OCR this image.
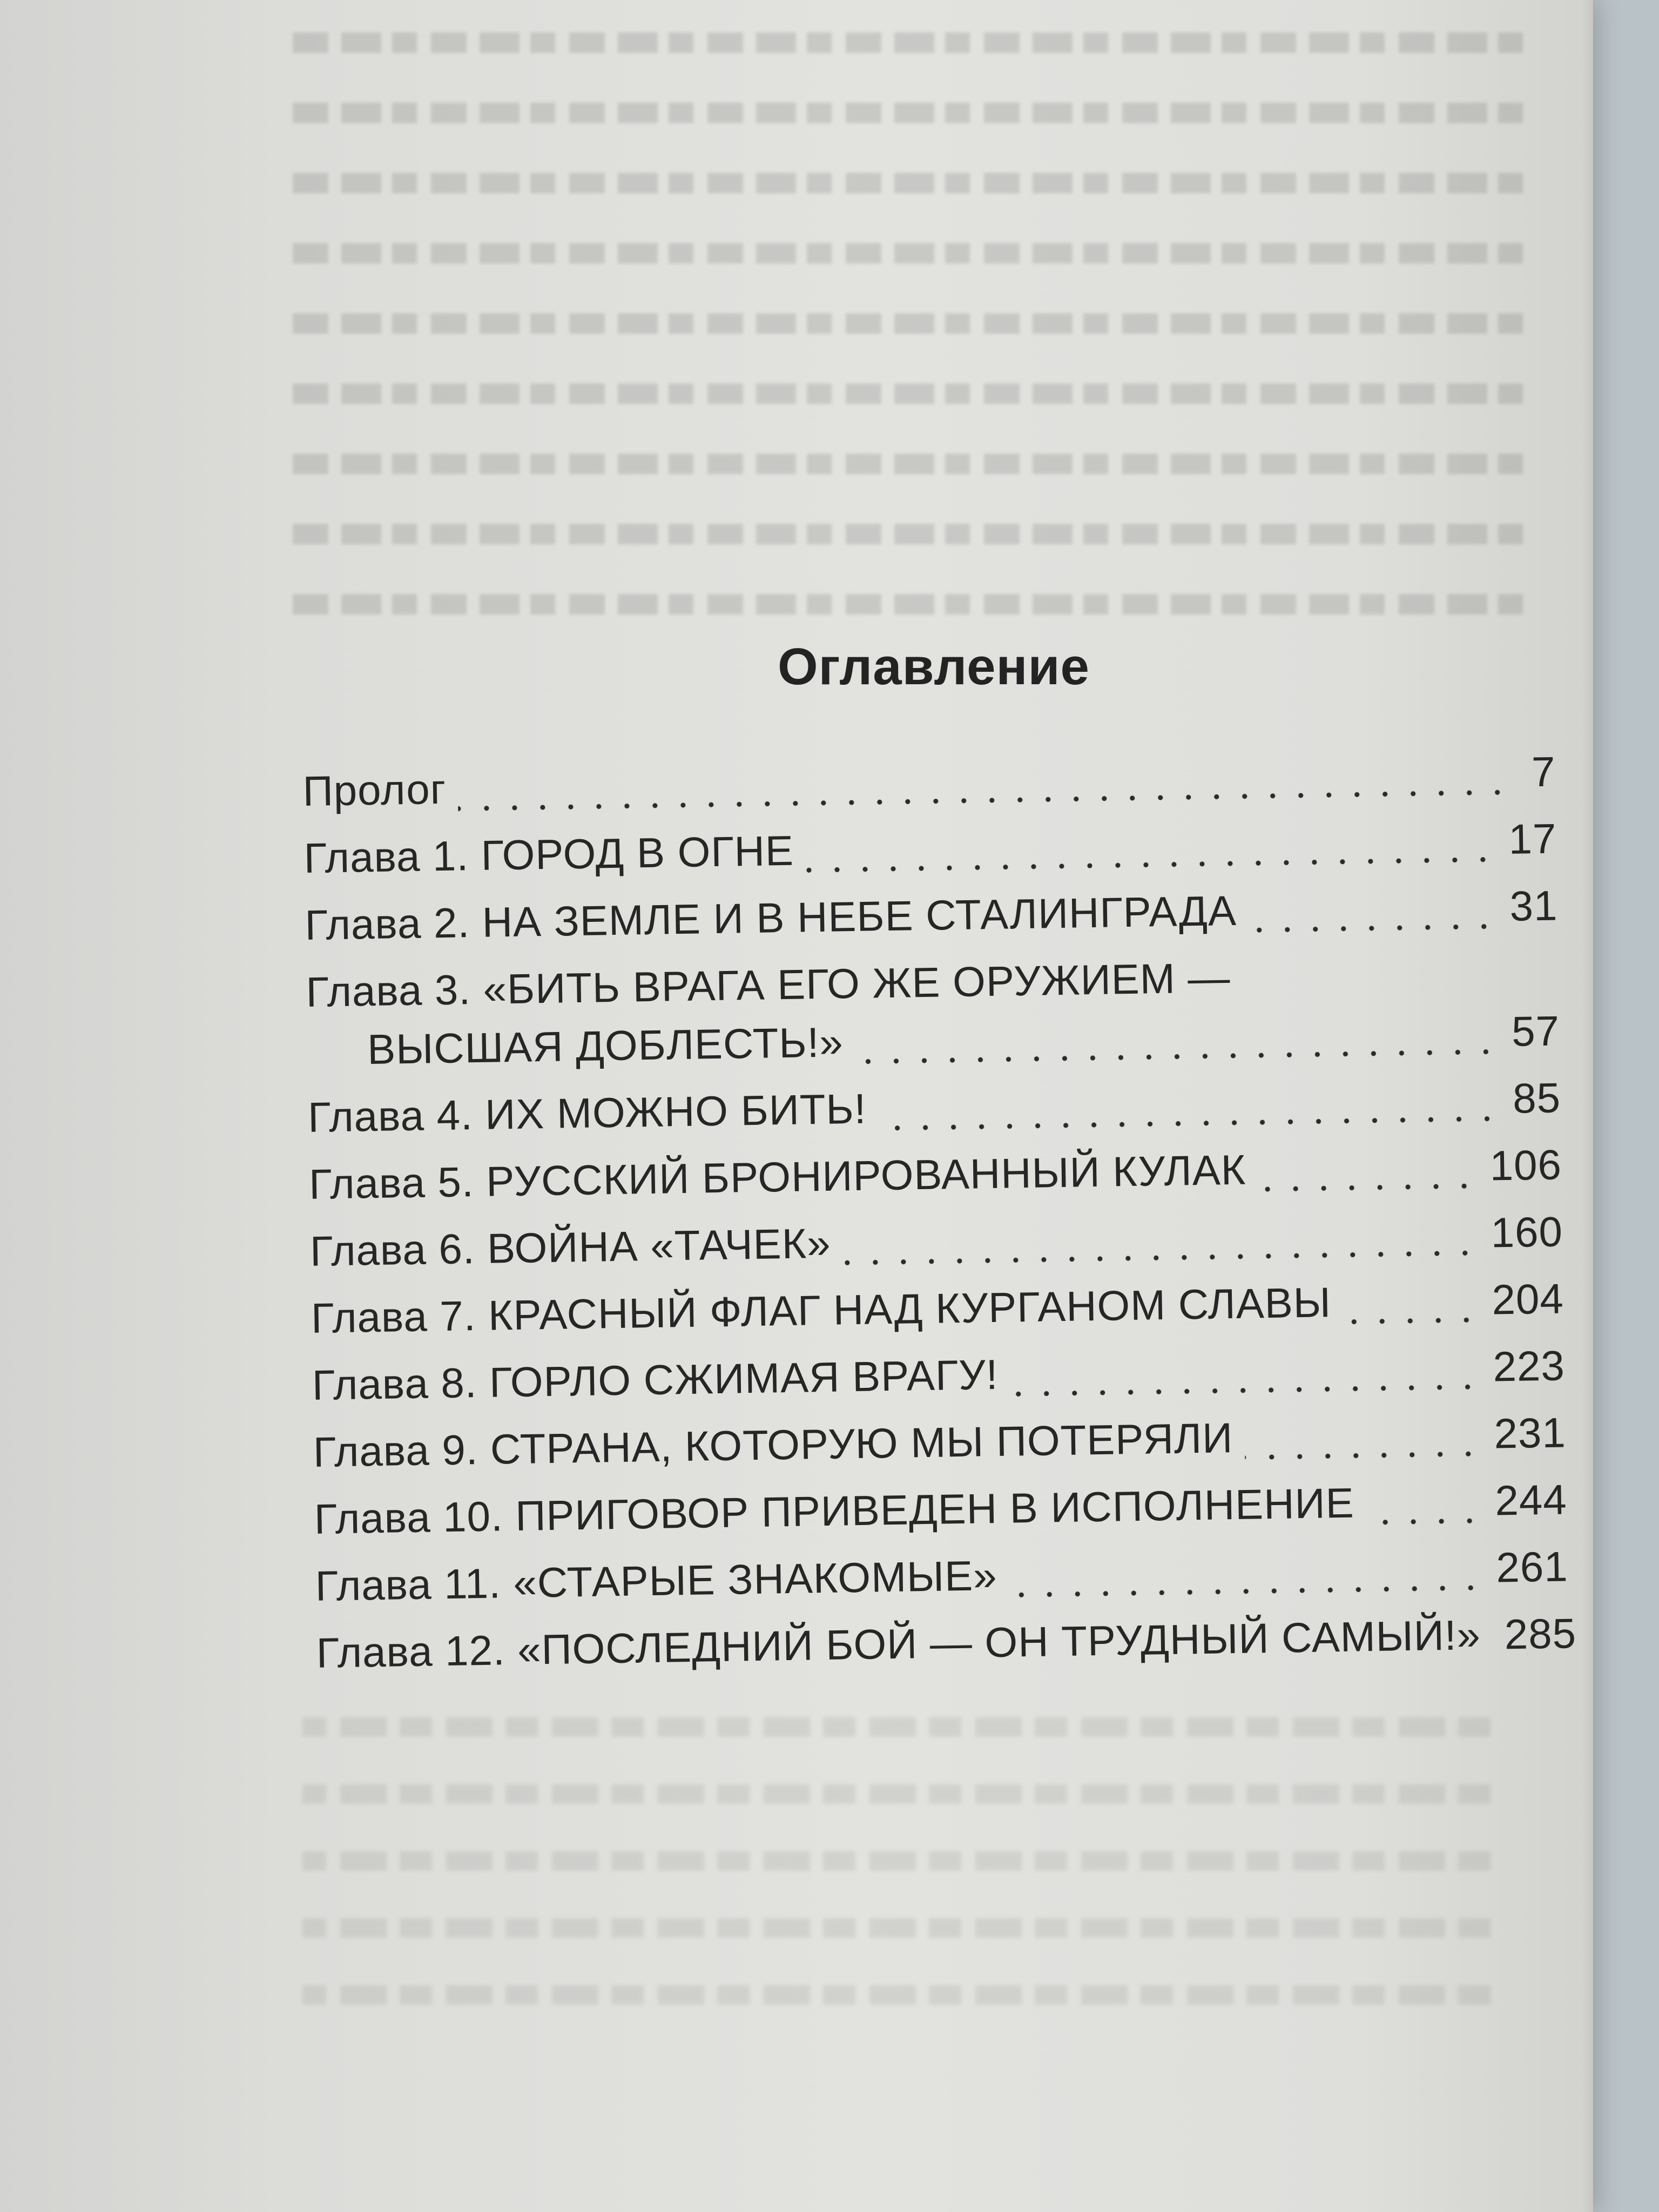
Оглавление
Пролог	7
Глава 1. ГОРОД В ОГНЕ	17
Глава 2. НА ЗЕМЛЕ И В НЕБЕ СТАЛИНГРАДА	31
Глава 3. «БИТЬ ВРАГА ЕГО ЖЕ ОРУЖИЕМ —
ВЫСШАЯ ДОБЛЕСТЬ!»	57
Глава 4. ИХ МОЖНО БИТЬ!	85
Глава 5. РУССКИЙ БРОНИРОВАННЫЙ КУЛАК	106
Глава 6. ВОЙНА «ТАЧЕК»	160
Глава 7. КРАСНЫЙ ФЛАГ НАД КУРГАНОМ СЛАВЫ	204
Глава 8. ГОРЛО СЖИМАЯ ВРАГУ!	223
Глава 9. СТРАНА, КОТОРУЮ МЫ ПОТЕРЯЛИ	231
Глава 10. ПРИГОВОР ПРИВЕДЕН В ИСПОЛНЕНИЕ	244
Глава 11. «СТАРЫЕ ЗНАКОМЫЕ»	261
Глава 12. «ПОСЛЕДНИЙ БОЙ — ОН ТРУДНЫЙ САМЫЙ!» 285
